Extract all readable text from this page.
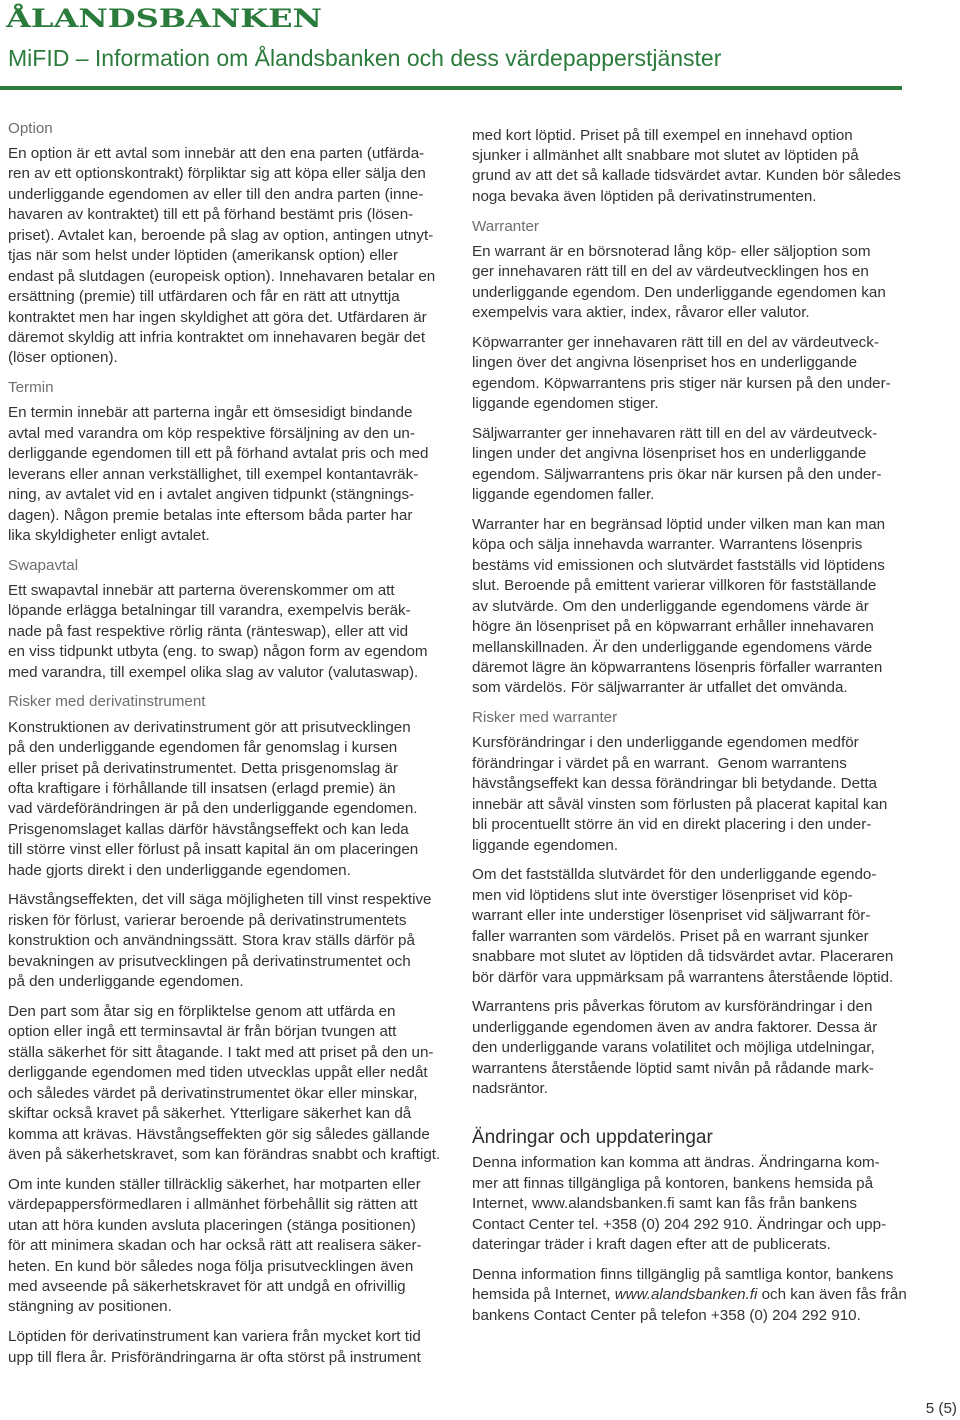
ÅLANDSBANKEN
MiFID – Information om Ålandsbanken och dess värdepapperstjänster
Option
En option är ett avtal som innebär att den ena parten (utfärda-
ren av ett optionskontrakt) förpliktar sig att köpa eller sälja den
underliggande egendomen av eller till den andra parten (inne-
havaren av kontraktet) till ett på förhand bestämt pris (lösen-
priset). Avtalet kan, beroende på slag av option, antingen utnyt-
tjas när som helst under löptiden (amerikansk option) eller
endast på slutdagen (europeisk option). Innehavaren betalar en
ersättning (premie) till utfärdaren och får en rätt att utnyttja
kontraktet men har ingen skyldighet att göra det. Utfärdaren är
däremot skyldig att infria kontraktet om innehavaren begär det
(löser optionen).
Termin
En termin innebär att parterna ingår ett ömsesidigt bindande
avtal med varandra om köp respektive försäljning av den un-
derliggande egendomen till ett på förhand avtalat pris och med
leverans eller annan verkställighet, till exempel kontantavräk-
ning, av avtalet vid en i avtalet angiven tidpunkt (stängnings-
dagen). Någon premie betalas inte eftersom båda parter har
lika skyldigheter enligt avtalet.
Swapavtal
Ett swapavtal innebär att parterna överenskommer om att
löpande erlägga betalningar till varandra, exempelvis beräk-
nade på fast respektive rörlig ränta (ränteswap), eller att vid
en viss tidpunkt utbyta (eng. to swap) någon form av egendom
med varandra, till exempel olika slag av valutor (valutaswap).
Risker med derivatinstrument
Konstruktionen av derivatinstrument gör att prisutvecklingen
på den underliggande egendomen får genomslag i kursen
eller priset på derivatinstrumentet. Detta prisgenomslag är
ofta kraftigare i förhållande till insatsen (erlagd premie) än
vad värdeförändringen är på den underliggande egendomen.
Prisgenomslaget kallas därför hävstångseffekt och kan leda
till större vinst eller förlust på insatt kapital än om placeringen
hade gjorts direkt i den underliggande egendomen.
Hävstångseffekten, det vill säga möjligheten till vinst respektive
risken för förlust, varierar beroende på derivatinstrumentets
konstruktion och användningssätt. Stora krav ställs därför på
bevakningen av prisutvecklingen på derivatinstrumentet och
på den underliggande egendomen.
Den part som åtar sig en förpliktelse genom att utfärda en
option eller ingå ett terminsavtal är från början tvungen att
ställa säkerhet för sitt åtagande. I takt med att priset på den un-
derliggande egendomen med tiden utvecklas uppåt eller nedåt
och således värdet på derivatinstrumentet ökar eller minskar,
skiftar också kravet på säkerhet. Ytterligare säkerhet kan då
komma att krävas. Hävstångseffekten gör sig således gällande
även på säkerhetskravet, som kan förändras snabbt och kraftigt.
Om inte kunden ställer tillräcklig säkerhet, har motparten eller
värdepappersförmedlaren i allmänhet förbehållit sig rätten att
utan att höra kunden avsluta placeringen (stänga positionen)
för att minimera skadan och har också rätt att realisera säker-
heten. En kund bör således noga följa prisutvecklingen även
med avseende på säkerhetskravet för att undgå en ofrivillig
stängning av positionen.
Löptiden för derivatinstrument kan variera från mycket kort tid
upp till flera år. Prisförändringarna är ofta störst på instrument
med kort löptid. Priset på till exempel en innehavd option
sjunker i allmänhet allt snabbare mot slutet av löptiden på
grund av att det så kallade tidsvärdet avtar. Kunden bör således
noga bevaka även löptiden på derivatinstrumenten.
Warranter
En warrant är en börsnoterad lång köp- eller säljoption som
ger innehavaren rätt till en del av värdeutvecklingen hos en
underliggande egendom. Den underliggande egendomen kan
exempelvis vara aktier, index, råvaror eller valutor.
Köpwarranter ger innehavaren rätt till en del av värdeutveck-
lingen över det angivna lösenpriset hos en underliggande
egendom. Köpwarrantens pris stiger när kursen på den under-
liggande egendomen stiger.
Säljwarranter ger innehavaren rätt till en del av värdeutveck-
lingen under det angivna lösenpriset hos en underliggande
egendom. Säljwarrantens pris ökar när kursen på den under-
liggande egendomen faller.
Warranter har en begränsad löptid under vilken man kan man
köpa och sälja innehavda warranter. Warrantens lösenpris
bestäms vid emissionen och slutvärdet fastställs vid löptidens
slut. Beroende på emittent varierar villkoren för fastställande
av slutvärde. Om den underliggande egendomens värde är
högre än lösenpriset på en köpwarrant erhåller innehavaren
mellanskillnaden. Är den underliggande egendomens värde
däremot lägre än köpwarrantens lösenpris förfaller warranten
som värdelös. För säljwarranter är utfallet det omvända.
Risker med warranter
Kursförändringar i den underliggande egendomen medför
förändringar i värdet på en warrant.  Genom warrantens
hävstångseffekt kan dessa förändringar bli betydande. Detta
innebär att såväl vinsten som förlusten på placerat kapital kan
bli procentuellt större än vid en direkt placering i den under-
liggande egendomen.
Om det fastställda slutvärdet för den underliggande egendo-
men vid löptidens slut inte överstiger lösenpriset vid köp-
warrant eller inte understiger lösenpriset vid säljwarrant för-
faller warranten som värdelös. Priset på en warrant sjunker
snabbare mot slutet av löptiden då tidsvärdet avtar. Placeraren
bör därför vara uppmärksam på warrantens återstående löptid.
Warrantens pris påverkas förutom av kursförändringar i den
underliggande egendomen även av andra faktorer. Dessa är
den underliggande varans volatilitet och möjliga utdelningar,
warrantens återstående löptid samt nivån på rådande mark-
nadsräntor.
Ändringar och uppdateringar
Denna information kan komma att ändras. Ändringarna kom-
mer att finnas tillgängliga på kontoren, bankens hemsida på
Internet, www.alandsbanken.fi samt kan fås från bankens
Contact Center tel. +358 (0) 204 292 910. Ändringar och upp-
dateringar träder i kraft dagen efter att de publicerats.
Denna information finns tillgänglig på samtliga kontor, bankens
hemsida på Internet, www.alandsbanken.fi och kan även fås från
bankens Contact Center på telefon +358 (0) 204 292 910.
5 (5)
